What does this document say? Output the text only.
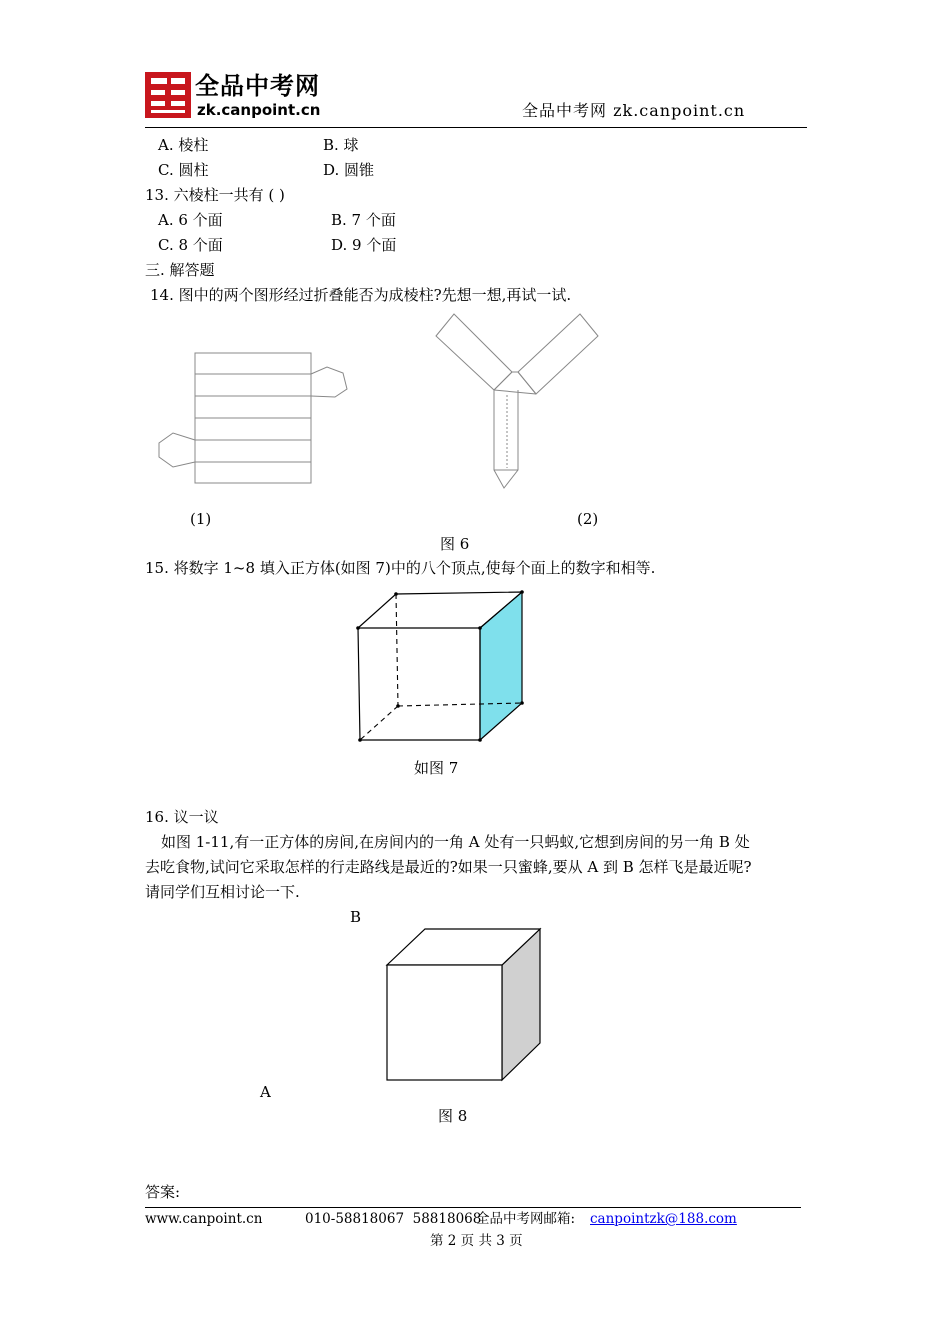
全品中考网
zk.canpoint.cn	全品中考网 zk.canpoint.cn
A. 棱柱	B. 球
C. 圆柱	D. 圆锥
13. 六棱柱一共有 ( )
A. 6 个面	B. 7 个面
C. 8 个面	D. 9 个面
三. 解答题
14. 图中的两个图形经过折叠能否为成棱柱?先想一想,再试一试.
(1)	(2)
图 6
15. 将数字 1~8 填入正方体(如图 7)中的八个顶点,使每个面上的数字和相等.
如图 7
16. 议一议
如图 1-11,有一正方体的房间,在房间内的一角 A 处有一只蚂蚁,它想到房间的另一角 B 处
去吃食物,试问它采取怎样的行走路线是最近的?如果一只蜜蜂,要从 A 到 B 怎样飞是最近呢?
请同学们互相讨论一下.
B
A
图 8
答案:
www.canpoint.cn	010-58818067  58818068
全品中考网邮箱: canpointzk@188.com
第 2 页 共 3 页
